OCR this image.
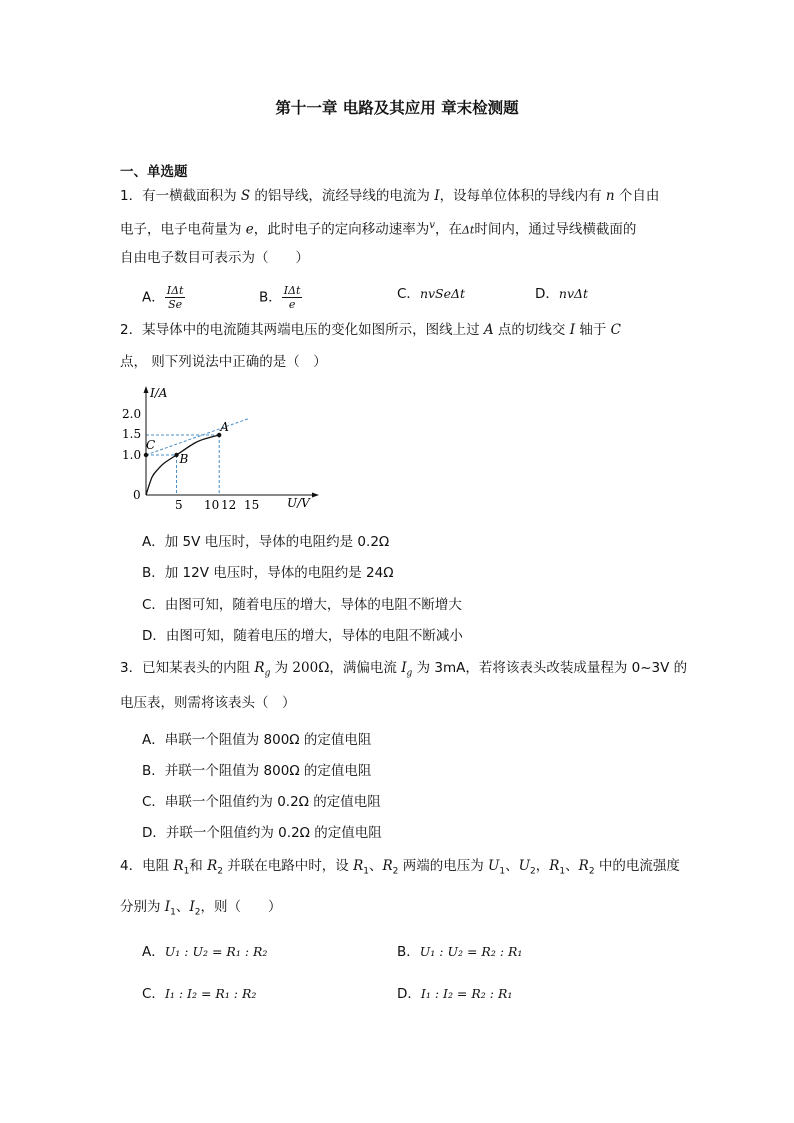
第十一章 电路及其应用 章末检测题
一、单选题
1．有一横截面积为 S 的铝导线，流经导线的电流为 I，设每单位体积的导线内有 n 个自由
电子，电子电荷量为 e，此时电子的定向移动速率为$^v$，在Δt时间内，通过导线横截面的
自由电子数目可表示为（　　）
A． $\frac{\text{IΔt}}{Se}$	B． $\frac{\text{IΔt}}{e}$	C．nvSeΔt	D．nvΔt
2．某导体中的电流随其两端电压的变化如图所示，图线上过 A 点的切线交 I 轴于 C
点， 则下列说法中正确的是（　）
I/A
U/V
0
1.0
1.5
2.0
5 10 12 15
A
B
C
A．加 5V 电压时，导体的电阻约是 0.2Ω
B．加 12V 电压时，导体的电阻约是 24Ω
C．由图可知，随着电压的增大，导体的电阻不断增大
D．由图可知，随着电压的增大，导体的电阻不断减小
3．已知某表头的内阻 $R_g$ 为 200Ω，满偏电流 $I_g$ 为 3mA，若将该表头改装成量程为 0~3V 的
电压表，则需将该表头（　）
A．串联一个阻值为 800Ω 的定值电阻
B．并联一个阻值为 800Ω 的定值电阻
C．串联一个阻值约为 0.2Ω 的定值电阻
D．并联一个阻值约为 0.2Ω 的定值电阻
4．电阻 $R_1$和 $R_2$ 并联在电路中时，设 $R_1$、$R_2$ 两端的电压为 $U_1$、$U_2$，$R_1$、$R_2$ 中的电流强度
分别为 $I_1$、$I_2$，则（　　）
A．U₁ : U₂ = R₁ : R₂	B．U₁ : U₂ = R₂ : R₁
C．I₁ : I₂ = R₁ : R₂	D．I₁ : I₂ = R₂ : R₁
